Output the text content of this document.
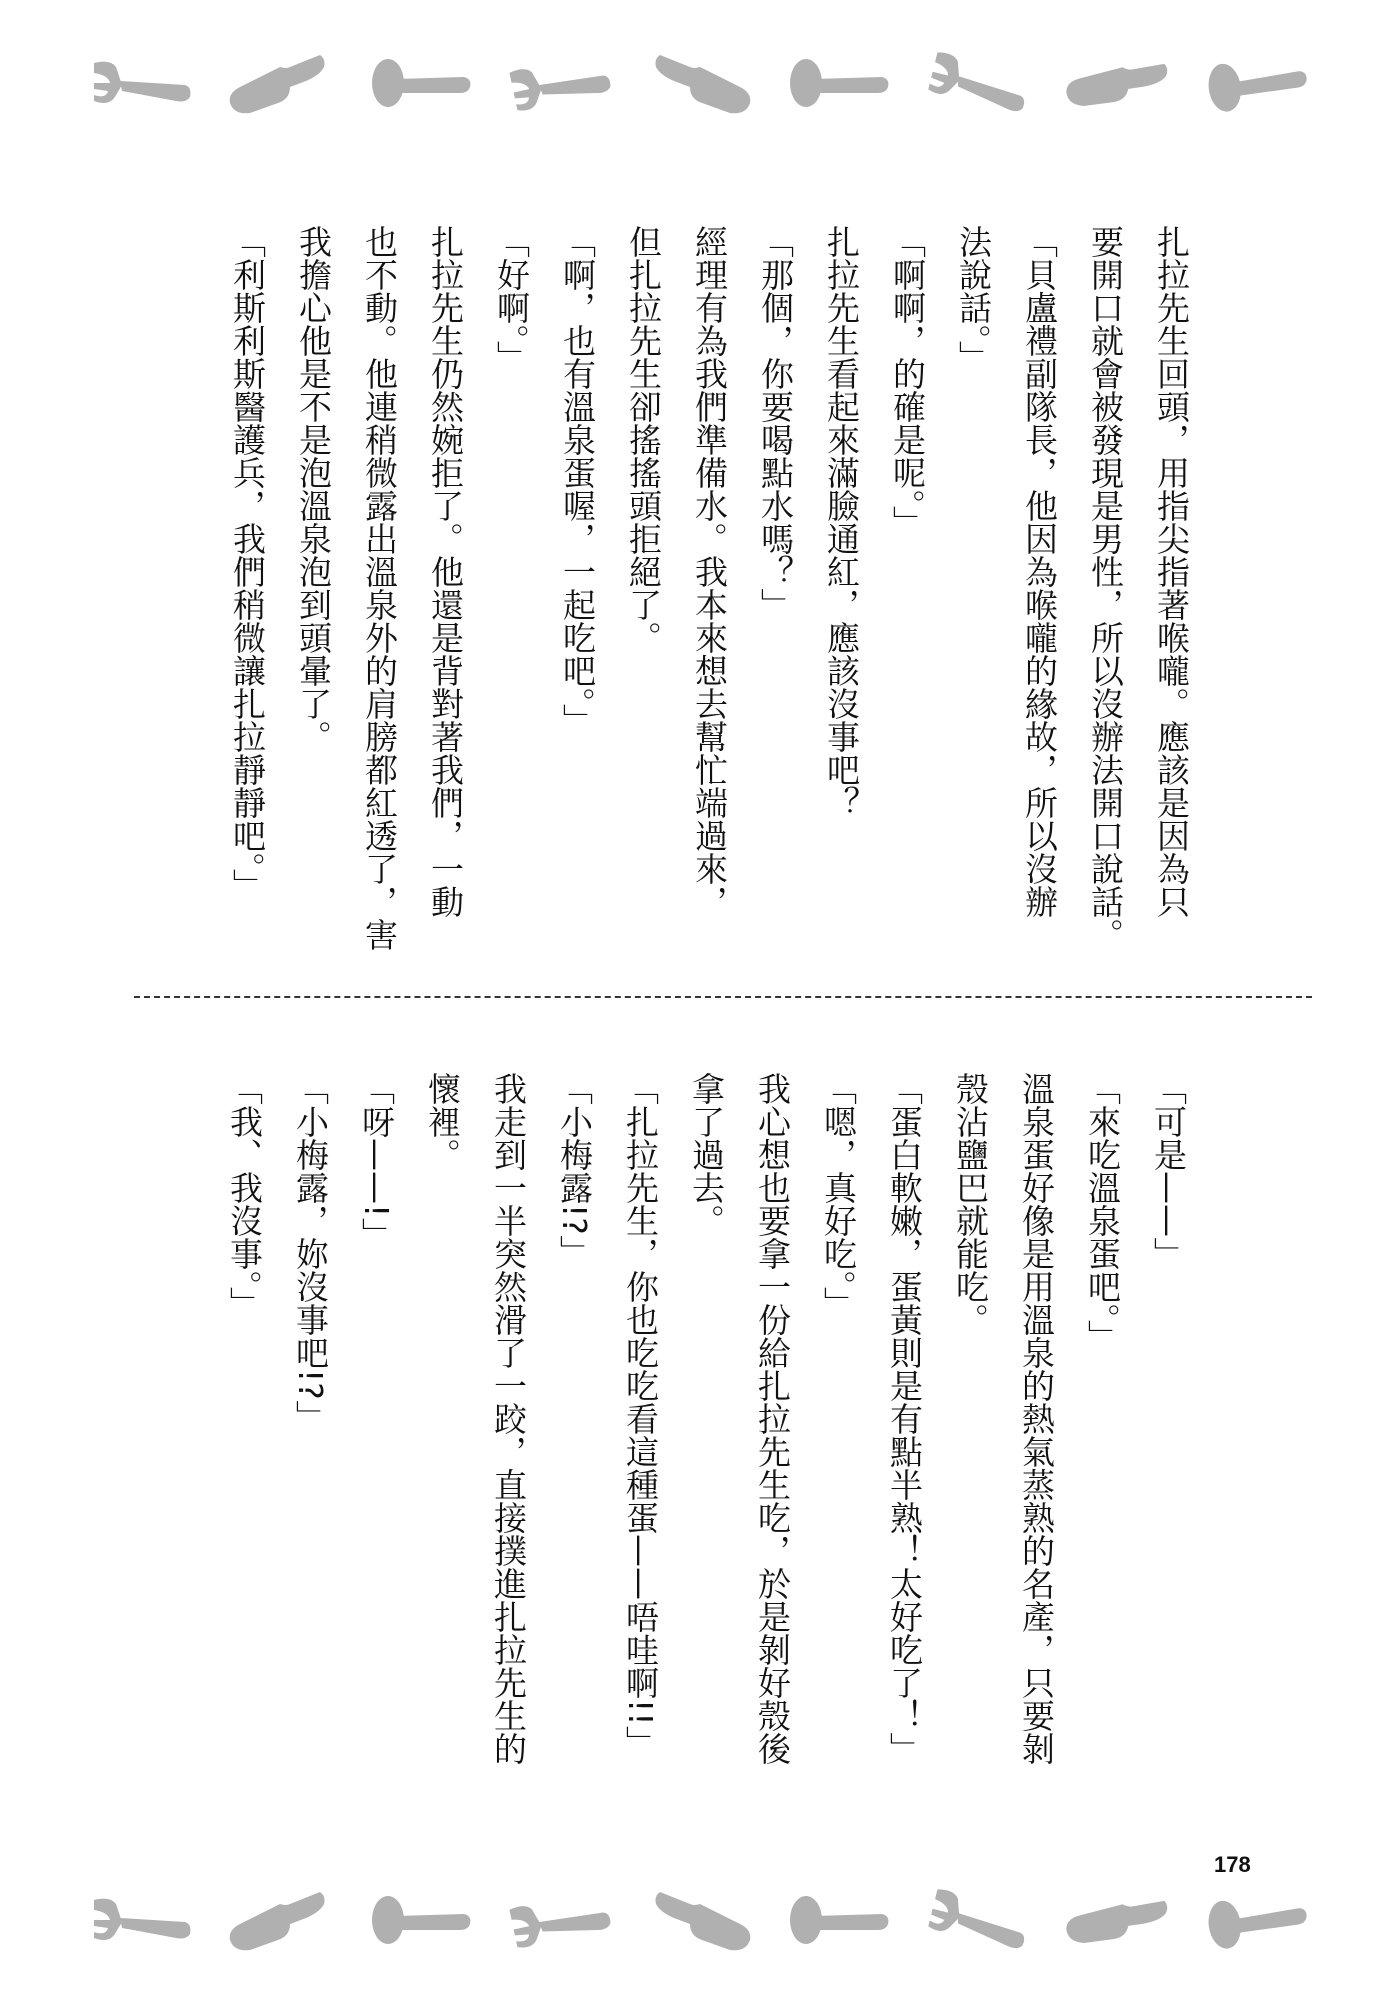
扎拉先生回頭，用指尖指著喉嚨。應該是因為只

要開口就會被發現是男性，所以沒辦法開口說話。

「貝盧禮副隊長，他因為喉嚨的緣故，所以沒辦

法說話。」

「啊啊，的確是呢。」

扎拉先生看起來滿臉通紅，應該沒事吧？

「那個，你要喝點水嗎？」

經理有為我們準備水。我本來想去幫忙端過來，

但扎拉先生卻搖搖頭拒絕了。

「啊，也有溫泉蛋喔，一起吃吧。」

「好啊。」

扎拉先生仍然婉拒了。他還是背對著我們，一動

也不動。他連稍微露出溫泉外的肩膀都紅透了，害

我擔心他是不是泡溫泉泡到頭暈了。

「利斯利斯醫護兵，我們稍微讓扎拉靜靜吧。」

「可是——」

「來吃溫泉蛋吧。」

溫泉蛋好像是用溫泉的熱氣蒸熟的名產，只要剝

殼沾鹽巴就能吃。

「蛋白軟嫩，蛋黃則是有點半熟！太好吃了！」

「嗯，真好吃。」

我心想也要拿一份給扎拉先生吃，於是剝好殼後

拿了過去。

「扎拉先生，你也吃吃看這種蛋——唔哇啊!!」

「小梅露!?」

我走到一半突然滑了一跤，直接撲進扎拉先生的

懷裡。

「呀——!」

「小梅露，妳沒事吧!?」

「我、我沒事。」

178
